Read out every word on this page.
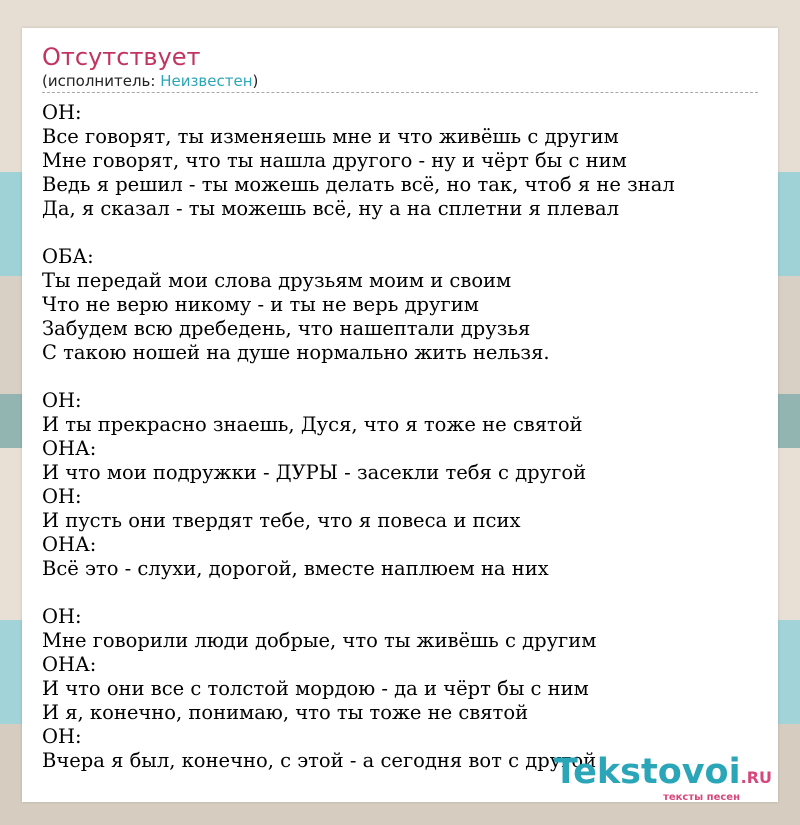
Отсутствует
(исполнитель: Неизвестен)
ОН:
Все говорят, ты изменяешь мне и что живёшь с другим
Мне говорят, что ты нашла другого - ну и чёрт бы с ним
Ведь я решил - ты можешь делать всё, но так, чтоб я не знал
Да, я сказал - ты можешь всё, ну а на сплетни я плевал
ОБА:
Ты передай мои слова друзьям моим и своим
Что не верю никому - и ты не верь другим
Забудем всю дребедень, что нашептали друзья
С такою ношей на душе нормально жить нельзя.
ОН:
И ты прекрасно знаешь, Дуся, что я тоже не святой
ОНА:
И что мои подружки - ДУРЫ - засекли тебя с другой
ОН:
И пусть они твердят тебе, что я повеса и псих
ОНА:
Всё это - слухи, дорогой, вместе наплюем на них
ОН:
Мне говорили люди добрые, что ты живёшь с другим
ОНА:
И что они все с толстой мордою - да и чёрт бы с ним
И я, конечно, понимаю, что ты тоже не святой
ОН:
Вчера я был, конечно, с этой - а сегодня вот с другой
Tekstovoi.RU
тексты песен
